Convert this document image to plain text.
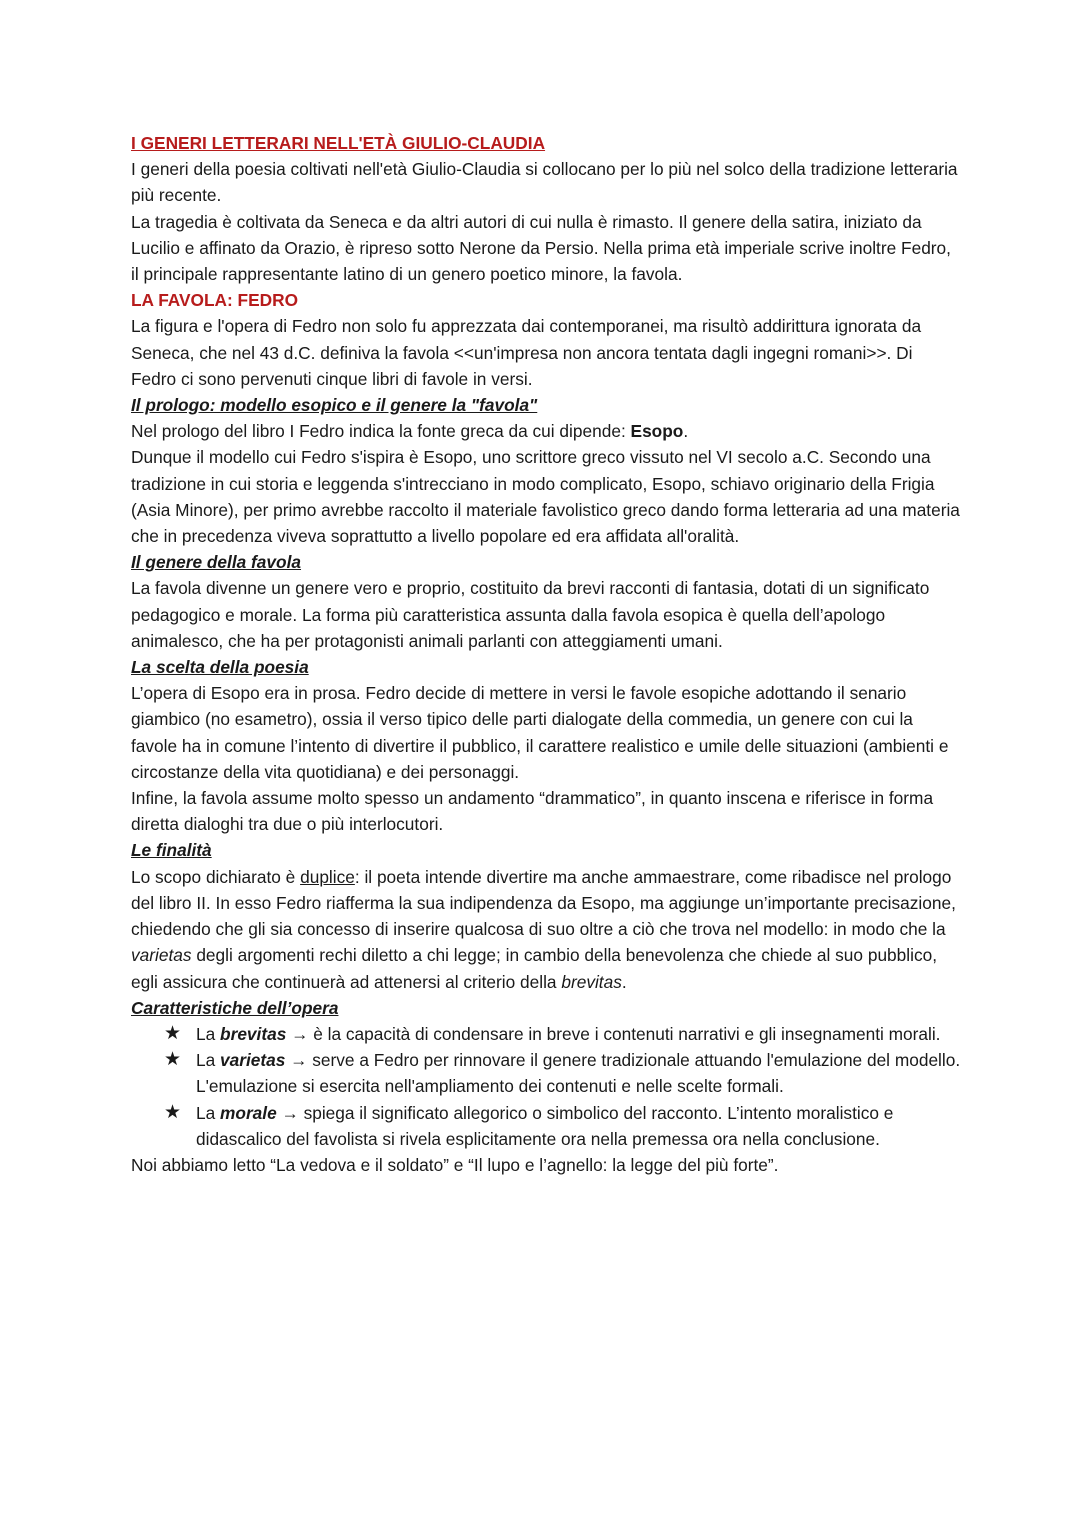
I GENERI LETTERARI NELL'ETÀ GIULIO-CLAUDIA

I generi della poesia coltivati nell'età Giulio-Claudia si collocano per lo più nel solco della tradizione letteraria più recente.

La tragedia è coltivata da Seneca e da altri autori di cui nulla è rimasto. Il genere della satira, iniziato da Lucilio e affinato da Orazio, è ripreso sotto Nerone da Persio. Nella prima età imperiale scrive inoltre Fedro, il principale rappresentante latino di un genero poetico minore, la favola.

LA FAVOLA: FEDRO

La figura e l'opera di Fedro non solo fu apprezzata dai contemporanei, ma risultò addirittura ignorata da Seneca, che nel 43 d.C. definiva la favola <<un'impresa non ancora tentata dagli ingegni romani>>. Di Fedro ci sono pervenuti cinque libri di favole in versi.

Il prologo: modello esopico e il genere la "favola"

Nel prologo del libro I Fedro indica la fonte greca da cui dipende: Esopo.

Dunque il modello cui Fedro s'ispira è Esopo, uno scrittore greco vissuto nel VI secolo a.C. Secondo una tradizione in cui storia e leggenda s'intrecciano in modo complicato, Esopo, schiavo originario della Frigia (Asia Minore), per primo avrebbe raccolto il materiale favolistico greco dando forma letteraria ad una materia che in precedenza viveva soprattutto a livello popolare ed era affidata all'oralità.

Il genere della favola

La favola divenne un genere vero e proprio, costituito da brevi racconti di fantasia, dotati di un significato pedagogico e morale. La forma più caratteristica assunta dalla favola esopica è quella dell’apologo animalesco, che ha per protagonisti animali parlanti con atteggiamenti umani.

La scelta della poesia

L’opera di Esopo era in prosa. Fedro decide di mettere in versi le favole esopiche adottando il senario giambico (no esametro), ossia il verso tipico delle parti dialogate della commedia, un genere con cui la favole ha in comune l’intento di divertire il pubblico, il carattere realistico e umile delle situazioni (ambienti e circostanze della vita quotidiana) e dei personaggi.

Infine, la favola assume molto spesso un andamento “drammatico”, in quanto inscena e riferisce in forma diretta dialoghi tra due o più interlocutori.

Le finalità

Lo scopo dichiarato è duplice: il poeta intende divertire ma anche ammaestrare, come ribadisce nel prologo del libro II. In esso Fedro riafferma la sua indipendenza da Esopo, ma aggiunge un’importante precisazione, chiedendo che gli sia concesso di inserire qualcosa di suo oltre a ciò che trova nel modello: in modo che la varietas degli argomenti rechi diletto a chi legge; in cambio della benevolenza che chiede al suo pubblico, egli assicura che continuerà ad attenersi al criterio della brevitas.

Caratteristiche dell’opera

★ La brevitas → è la capacità di condensare in breve i contenuti narrativi e gli insegnamenti morali.
★ La varietas → serve a Fedro per rinnovare il genere tradizionale attuando l'emulazione del modello. L'emulazione si esercita nell'ampliamento dei contenuti e nelle scelte formali.
★ La morale → spiega il significato allegorico o simbolico del racconto. L’intento moralistico e didascalico del favolista si rivela esplicitamente ora nella premessa ora nella conclusione.

Noi abbiamo letto “La vedova e il soldato” e “Il lupo e l’agnello: la legge del più forte”.
